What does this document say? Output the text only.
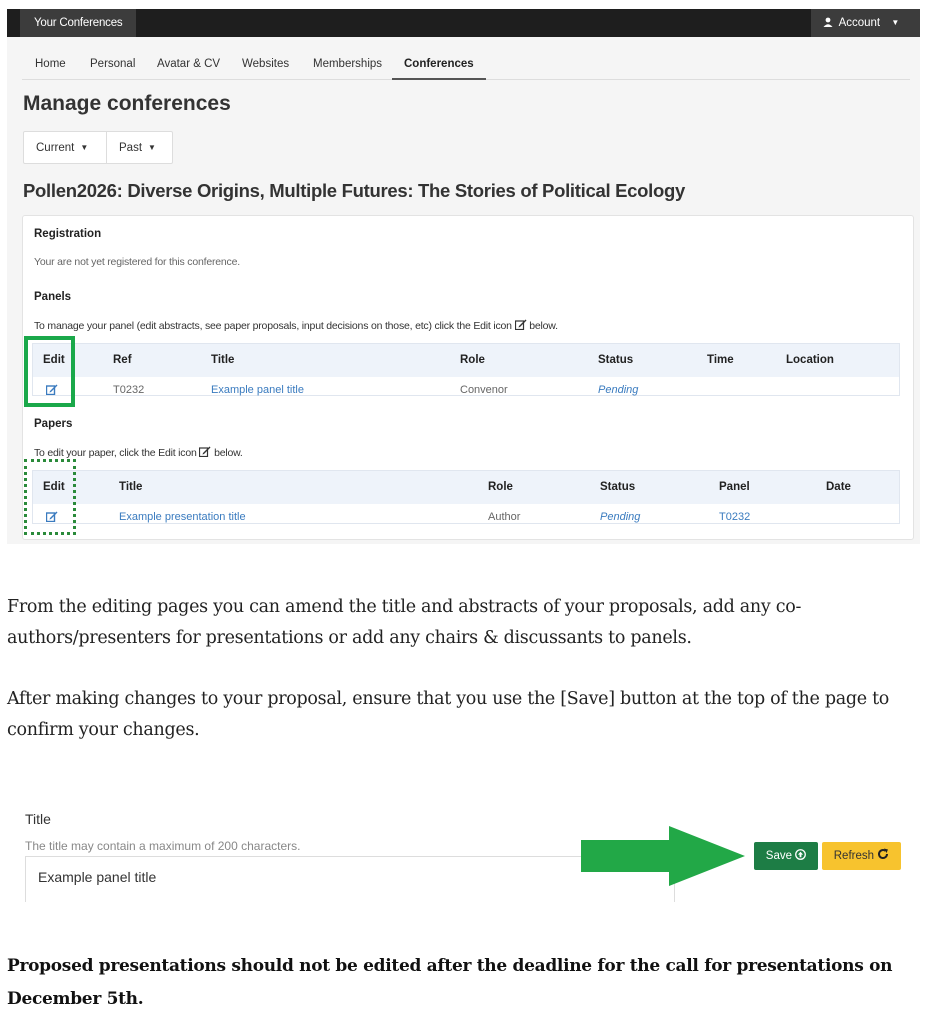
Your Conferences	Account ▼
Home Personal Avatar & CV Websites Memberships	Conferences
Manage conferences
Current ▼	Past ▼
Pollen2026: Diverse Origins, Multiple Futures: The Stories of Political Ecology
Registration
Your are not yet registered for this conference.
Panels
To manage your panel (edit abstracts, see paper proposals, input decisions on those, etc) click the Edit icon below.
Edit	Ref	Title	Role	Status	Time	Location
T0232	Example panel title	Convenor	Pending
Papers
To edit your paper, click the Edit icon below.
Edit	Title	Role	Status	Panel	Date
Example presentation title	Author	Pending	T0232
From the editing pages you can amend the title and abstracts of your proposals, add any co-authors/presenters for presentations or add any chairs & discussants to panels.
After making changes to your proposal, ensure that you use the [Save] button at the top of the page to confirm your changes.
Title
The title may contain a maximum of 200 characters.
Example panel title
Save	Refresh
Proposed presentations should not be edited after the deadline for the call for presentations on December 5th.
